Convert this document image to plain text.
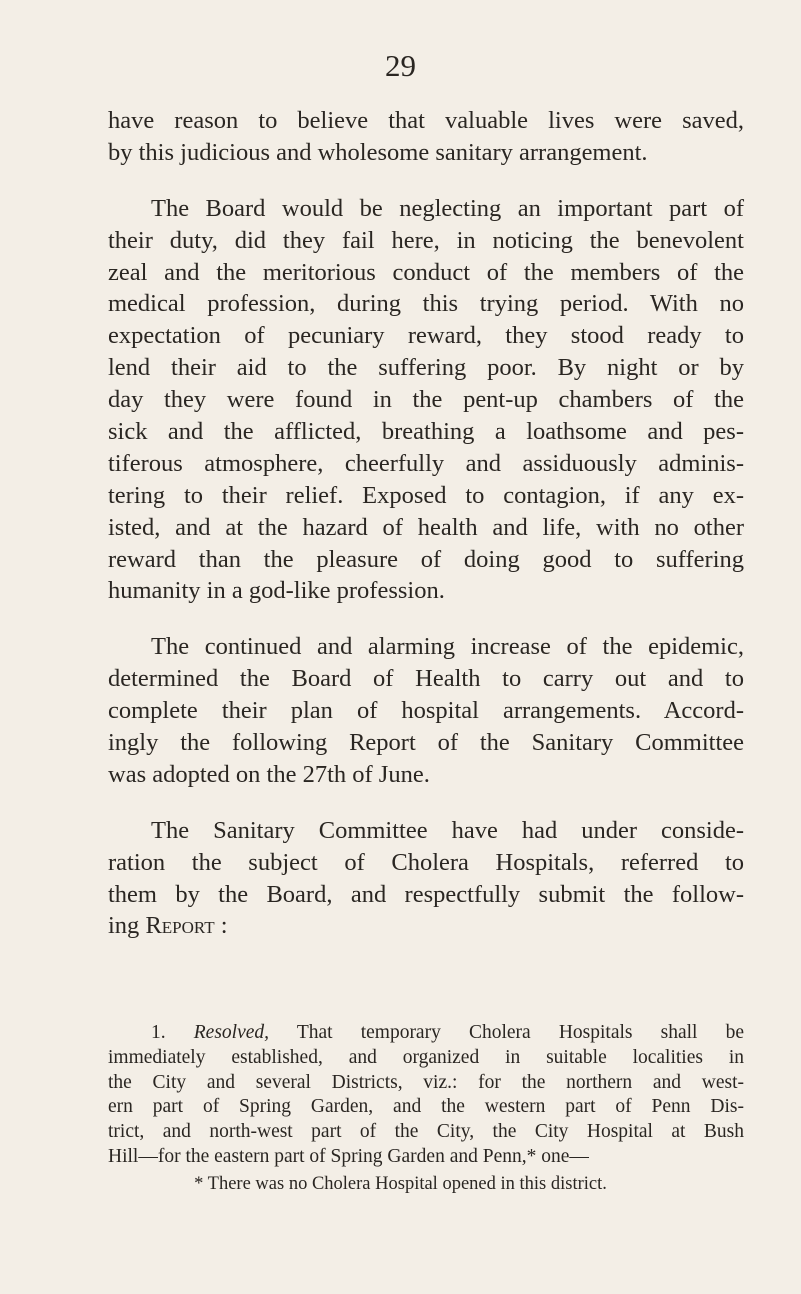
29
have reason to believe that valuable lives were saved,
by this judicious and wholesome sanitary arrangement.
The Board would be neglecting an important part of
their duty, did they fail here, in noticing the benevolent
zeal and the meritorious conduct of the members of the
medical profession, during this trying period. With no
expectation of pecuniary reward, they stood ready to
lend their aid to the suffering poor. By night or by
day they were found in the pent-up chambers of the
sick and the afflicted, breathing a loathsome and pes-
tiferous atmosphere, cheerfully and assiduously adminis-
tering to their relief. Exposed to contagion, if any ex-
isted, and at the hazard of health and life, with no other
reward than the pleasure of doing good to suffering
humanity in a god-like profession.
The continued and alarming increase of the epidemic,
determined the Board of Health to carry out and to
complete their plan of hospital arrangements. Accord-
ingly the following Report of the Sanitary Committee
was adopted on the 27th of June.
The Sanitary Committee have had under conside-
ration the subject of Cholera Hospitals, referred to
them by the Board, and respectfully submit the follow-
ing Report :
1. Resolved, That temporary Cholera Hospitals shall be
immediately established, and organized in suitable localities in
the City and several Districts, viz.: for the northern and west-
ern part of Spring Garden, and the western part of Penn Dis-
trict, and north-west part of the City, the City Hospital at Bush
Hill—for the eastern part of Spring Garden and Penn,* one—
* There was no Cholera Hospital opened in this district.
